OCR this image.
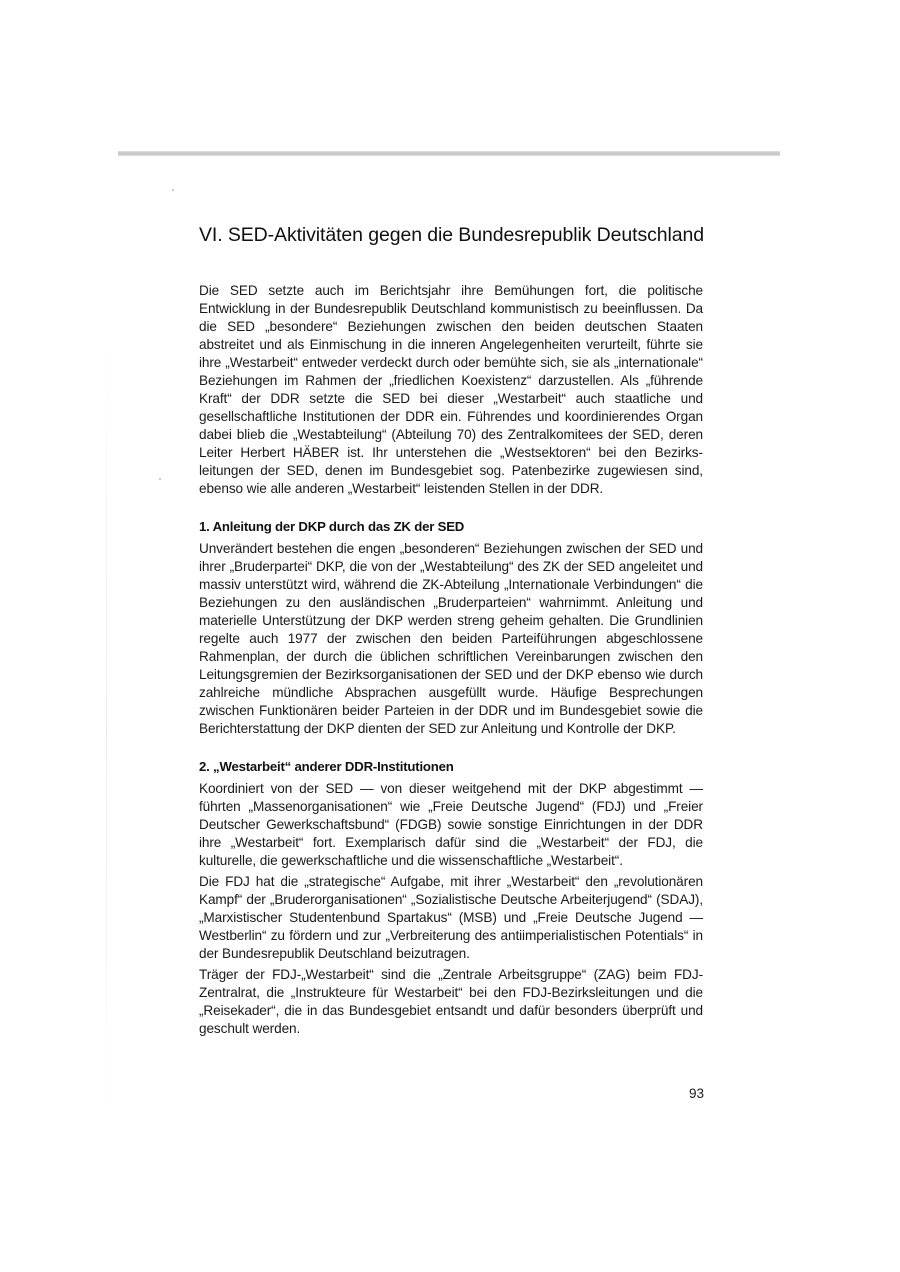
VI. SED-Aktivitäten gegen die Bundesrepublik Deutschland

Die SED setzte auch im Berichtsjahr ihre Bemühungen fort, die politische Entwicklung in der Bundesrepublik Deutschland kommunistisch zu beeinflussen. Da die SED „besondere“ Beziehungen zwischen den beiden deutschen Staaten abstreitet und als Einmischung in die inneren Angelegenheiten verurteilt, führte sie ihre „Westarbeit“ entweder verdeckt durch oder bemühte sich, sie als „internationale“ Beziehungen im Rahmen der „friedlichen Koexistenz“ darzustellen. Als „führende Kraft“ der DDR setzte die SED bei dieser „Westarbeit“ auch staatliche und gesellschaftliche Institutionen der DDR ein. Führendes und koordinierendes Organ dabei blieb die „Westabteilung“ (Abteilung 70) des Zentralkomitees der SED, deren Leiter Herbert HÄBER ist. Ihr unterstehen die „Westsektoren“ bei den Bezirksleitungen der SED, denen im Bundesgebiet sog. Patenbezirke zugewiesen sind, ebenso wie alle anderen „Westarbeit“ leistenden Stellen in der DDR.

1. Anleitung der DKP durch das ZK der SED

Unverändert bestehen die engen „besonderen“ Beziehungen zwischen der SED und ihrer „Bruderpartei“ DKP, die von der „Westabteilung“ des ZK der SED angeleitet und massiv unterstützt wird, während die ZK-Abteilung „Internationale Verbindungen“ die Beziehungen zu den ausländischen „Bruderparteien“ wahrnimmt. Anleitung und materielle Unterstützung der DKP werden streng geheim gehalten. Die Grundlinien regelte auch 1977 der zwischen den beiden Parteiführungen abgeschlossene Rahmenplan, der durch die üblichen schriftlichen Vereinbarungen zwischen den Leitungsgremien der Bezirksorganisationen der SED und der DKP ebenso wie durch zahlreiche mündliche Absprachen ausgefüllt wurde. Häufige Besprechungen zwischen Funktionären beider Parteien in der DDR und im Bundesgebiet sowie die Berichterstattung der DKP dienten der SED zur Anleitung und Kontrolle der DKP.

2. „Westarbeit“ anderer DDR-Institutionen

Koordiniert von der SED — von dieser weitgehend mit der DKP abgestimmt — führten „Massenorganisationen“ wie „Freie Deutsche Jugend“ (FDJ) und „Freier Deutscher Gewerkschaftsbund“ (FDGB) sowie sonstige Einrichtungen in der DDR ihre „Westarbeit“ fort. Exemplarisch dafür sind die „Westarbeit“ der FDJ, die kulturelle, die gewerkschaftliche und die wissenschaftliche „Westarbeit“.

Die FDJ hat die „strategische“ Aufgabe, mit ihrer „Westarbeit“ den „revolutionären Kampf“ der „Bruderorganisationen“ „Sozialistische Deutsche Arbeiterjugend“ (SDAJ), „Marxistischer Studentenbund Spartakus“ (MSB) und „Freie Deutsche Jugend — Westberlin“ zu fördern und zur „Verbreiterung des antiimperialistischen Potentials“ in der Bundesrepublik Deutschland beizutragen.

Träger der FDJ-„Westarbeit“ sind die „Zentrale Arbeitsgruppe“ (ZAG) beim FDJ-Zentralrat, die „Instrukteure für Westarbeit“ bei den FDJ-Bezirksleitungen und die „Reisekader“, die in das Bundesgebiet entsandt und dafür besonders überprüft und geschult werden.

93
